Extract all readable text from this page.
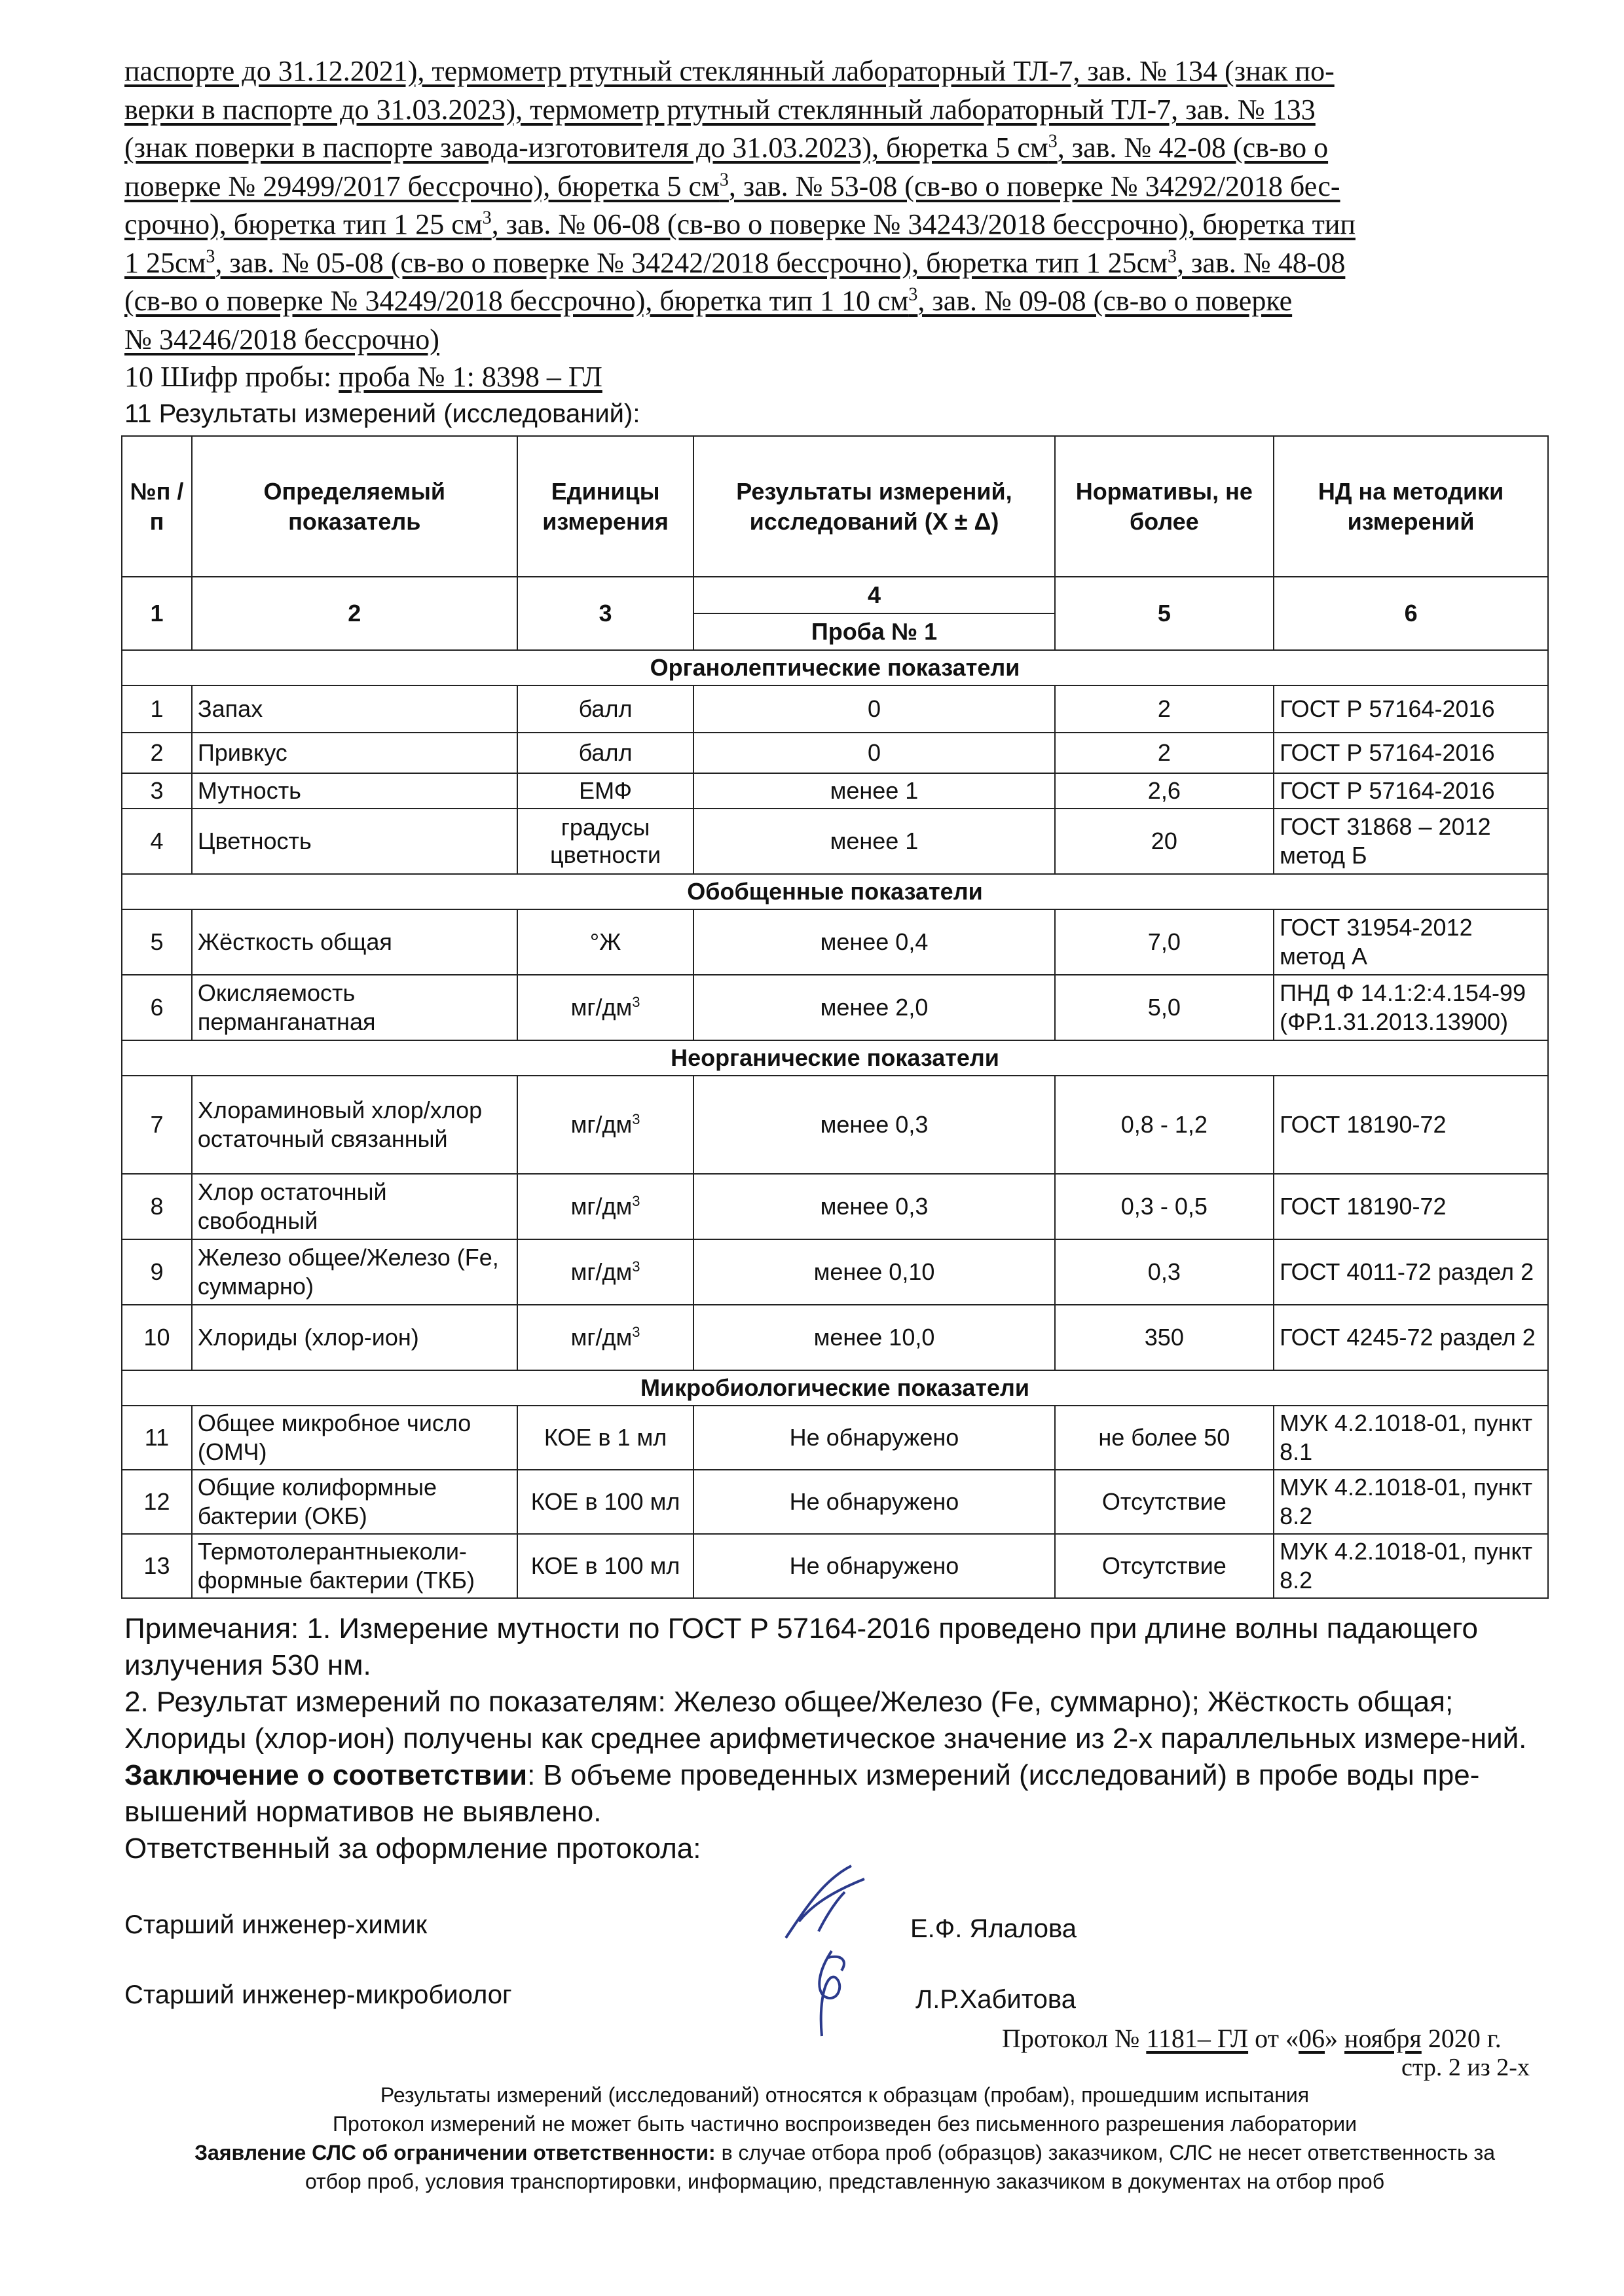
паспорте до 31.12.2021), термометр ртутный стеклянный лабораторный ТЛ-7, зав. № 134 (знак по-
верки в паспорте до 31.03.2023), термометр ртутный стеклянный лабораторный ТЛ-7, зав. № 133
(знак поверки в паспорте завода-изготовителя до 31.03.2023), бюретка 5 $см^3$, зав. № 42-08 (св-во о
поверке № 29499/2017 бессрочно), бюретка 5 $см^3$, зав. № 53-08 (св-во о поверке № 34292/2018 бес-
срочно), бюретка тип 1 25 $см^3$, зав. № 06-08 (св-во о поверке № 34243/2018 бессрочно), бюретка тип
1 $25см^3$, зав. № 05-08 (св-во о поверке № 34242/2018 бессрочно), бюретка тип 1 $25см^3$, зав. № 48-08
(св-во о поверке № 34249/2018 бессрочно), бюретка тип 1 10 $см^3$, зав. № 09-08 (св-во о поверке
№ 34246/2018 бессрочно)
10 Шифр пробы: проба № 1: 8398 – ГЛ
11 Результаты измерений (исследований):
№п /п	Определяемый показатель	Единицы измерения	Результаты измерений, исследований (Х ± Δ)	Нормативы, не более	НД на методики измерений
1	2	3	4	5	6
			Проба № 1		
Органолептические показатели					
1	Запах	балл	0	2	ГОСТ Р 57164-2016
2	Привкус	балл	0	2	ГОСТ Р 57164-2016
3	Мутность	ЕМФ	менее 1	2,6	ГОСТ Р 57164-2016
4	Цветность	градусы цветности	менее 1	20	ГОСТ 31868 – 2012 метод Б
Обобщенные показатели					
5	Жёсткость общая	°Ж	менее 0,4	7,0	ГОСТ 31954-2012 метод А
6	Окисляемость перманганатная	$мг/дм^3$	менее 2,0	5,0	ПНД Ф 14.1:2:4.154-99 (ФР.1.31.2013.13900)
Неорганические показатели					
7	Хлораминовый хлор/хлор остаточный связанный	$мг/дм^3$	менее 0,3	0,8 - 1,2	ГОСТ 18190-72
8	Хлор остаточный свободный	$мг/дм^3$	менее 0,3	0,3 - 0,5	ГОСТ 18190-72
9	Железо общее/Железо (Fe, суммарно)	$мг/дм^3$	менее 0,10	0,3	ГОСТ 4011-72 раздел 2
10	Хлориды (хлор-ион)	$мг/дм^3$	менее 10,0	350	ГОСТ 4245-72 раздел 2
Микробиологические показатели					
11	Общее микробное число (ОМЧ)	КОЕ в 1 мл	Не обнаружено	не более 50	МУК 4.2.1018-01, пункт 8.1
12	Общие колиформные бактерии (ОКБ)	КОЕ в 100 мл	Не обнаружено	Отсутствие	МУК 4.2.1018-01, пункт 8.2
13	Термотолерантныеколи-формные бактерии (ТКБ)	КОЕ в 100 мл	Не обнаружено	Отсутствие	МУК 4.2.1018-01, пункт 8.2
Примечания: 1. Измерение мутности по ГОСТ Р 57164-2016 проведено при длине волны падающего излучения 530 нм.
2. Результат измерений по показателям: Железо общее/Железо (Fe, суммарно); Жёсткость общая; Хлориды (хлор-ион) получены как среднее арифметическое значение из 2-х параллельных измере-ний.
Заключение о соответствии: В объеме проведенных измерений (исследований) в пробе воды пре-вышений нормативов не выявлено.
Ответственный за оформление протокола:
Старший инженер-химик	Е.Ф. Ялалова
Старший инженер-микробиолог	Л.Р.Хабитова
Протокол № 1181– ГЛ от «06» ноября 2020 г.
стр. 2 из 2-х
Результаты измерений (исследований) относятся к образцам (пробам), прошедшим испытания
Протокол измерений не может быть частично воспроизведен без письменного разрешения лаборатории
Заявление СЛС об ограничении ответственности: в случае отбора проб (образцов) заказчиком, СЛС не несет ответственность за
отбор проб, условия транспортировки, информацию, представленную заказчиком в документах на отбор проб
